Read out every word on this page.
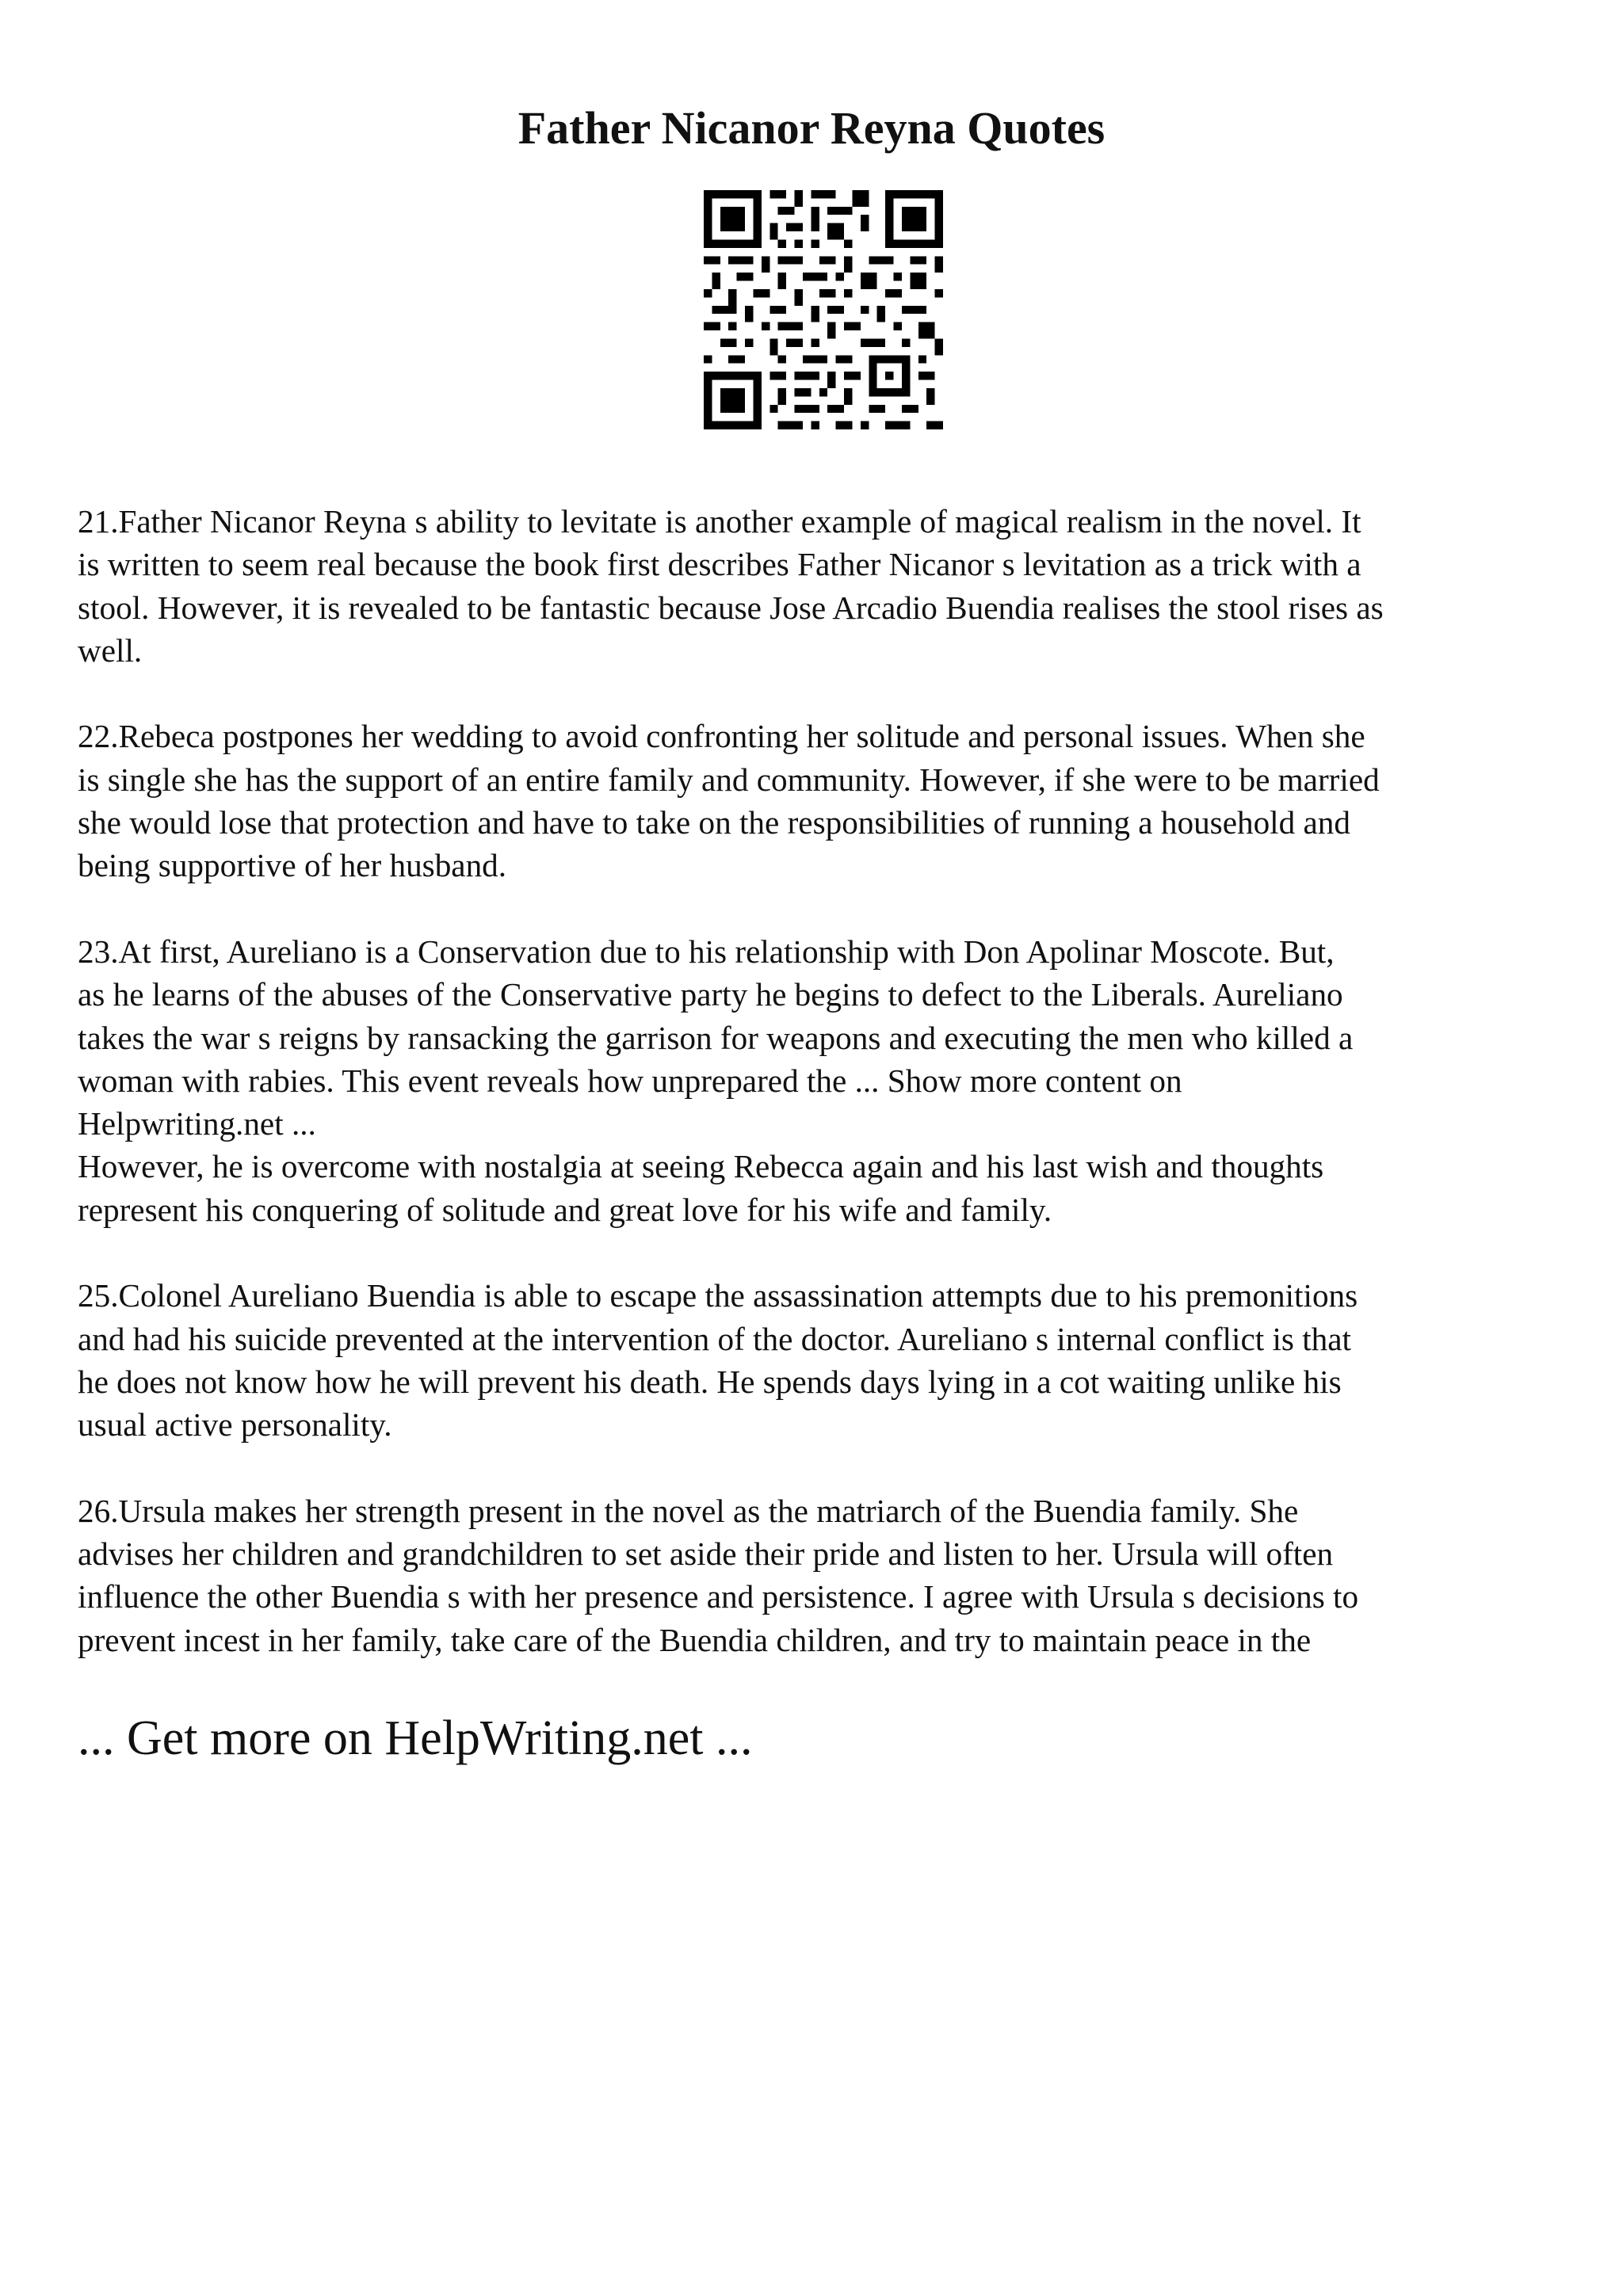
Father Nicanor Reyna Quotes

21.Father Nicanor Reyna s ability to levitate is another example of magical realism in the novel. It
is written to seem real because the book first describes Father Nicanor s levitation as a trick with a
stool. However, it is revealed to be fantastic because Jose Arcadio Buendia realises the stool rises as
well.

22.Rebeca postpones her wedding to avoid confronting her solitude and personal issues. When she
is single she has the support of an entire family and community. However, if she were to be married
she would lose that protection and have to take on the responsibilities of running a household and
being supportive of her husband.

23.At first, Aureliano is a Conservation due to his relationship with Don Apolinar Moscote. But,
as he learns of the abuses of the Conservative party he begins to defect to the Liberals. Aureliano
takes the war s reigns by ransacking the garrison for weapons and executing the men who killed a
woman with rabies. This event reveals how unprepared the ... Show more content on
Helpwriting.net ...

However, he is overcome with nostalgia at seeing Rebecca again and his last wish and thoughts
represent his conquering of solitude and great love for his wife and family.

25.Colonel Aureliano Buendia is able to escape the assassination attempts due to his premonitions
and had his suicide prevented at the intervention of the doctor. Aureliano s internal conflict is that
he does not know how he will prevent his death. He spends days lying in a cot waiting unlike his
usual active personality.

26.Ursula makes her strength present in the novel as the matriarch of the Buendia family. She
advises her children and grandchildren to set aside their pride and listen to her. Ursula will often
influence the other Buendia s with her presence and persistence. I agree with Ursula s decisions to
prevent incest in her family, take care of the Buendia children, and try to maintain peace in the

... Get more on HelpWriting.net ...
